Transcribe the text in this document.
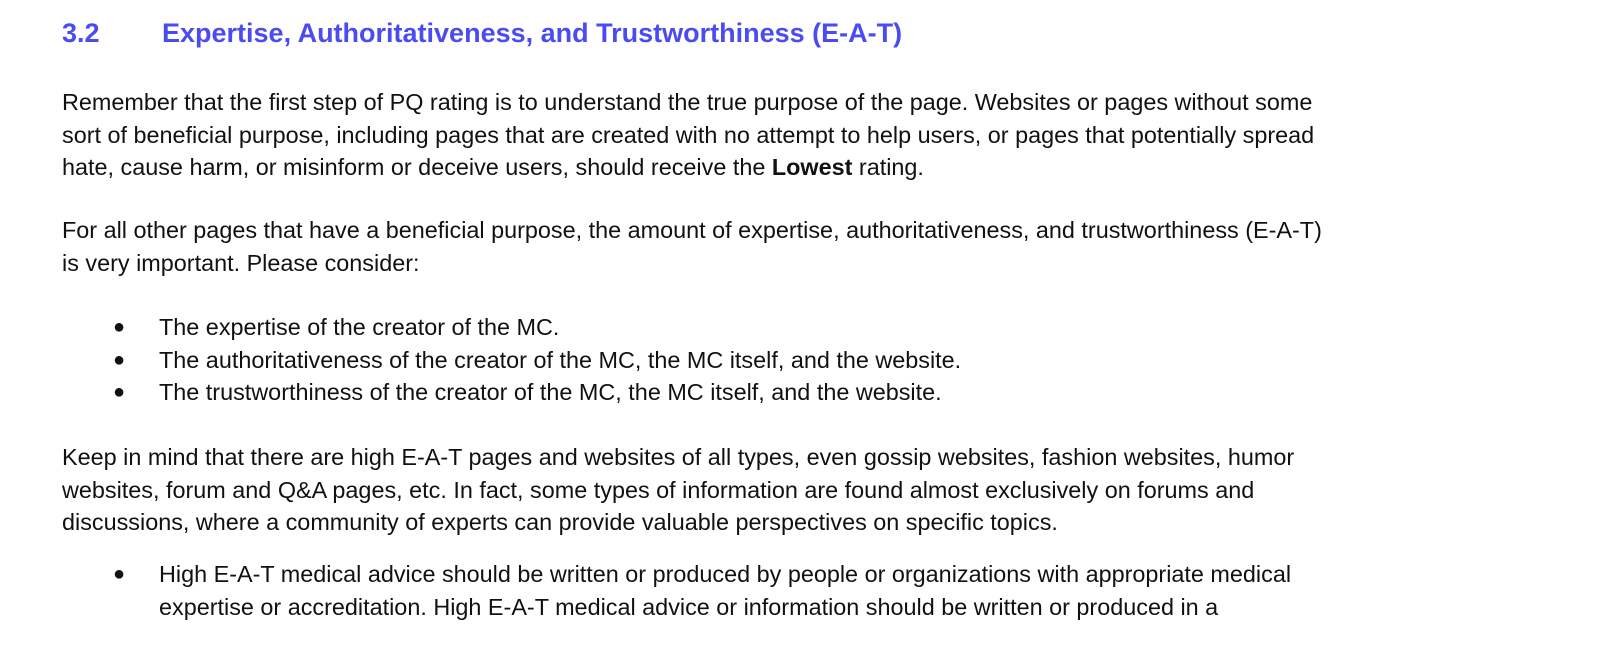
3.2 Expertise, Authoritativeness, and Trustworthiness (E-A-T)

Remember that the first step of PQ rating is to understand the true purpose of the page. Websites or pages without some
sort of beneficial purpose, including pages that are created with no attempt to help users, or pages that potentially spread
hate, cause harm, or misinform or deceive users, should receive the Lowest rating.

For all other pages that have a beneficial purpose, the amount of expertise, authoritativeness, and trustworthiness (E-A-T)
is very important. Please consider:

● The expertise of the creator of the MC.
● The authoritativeness of the creator of the MC, the MC itself, and the website.
● The trustworthiness of the creator of the MC, the MC itself, and the website.

Keep in mind that there are high E-A-T pages and websites of all types, even gossip websites, fashion websites, humor
websites, forum and Q&A pages, etc. In fact, some types of information are found almost exclusively on forums and
discussions, where a community of experts can provide valuable perspectives on specific topics.

● High E-A-T medical advice should be written or produced by people or organizations with appropriate medical
expertise or accreditation. High E-A-T medical advice or information should be written or produced in a
